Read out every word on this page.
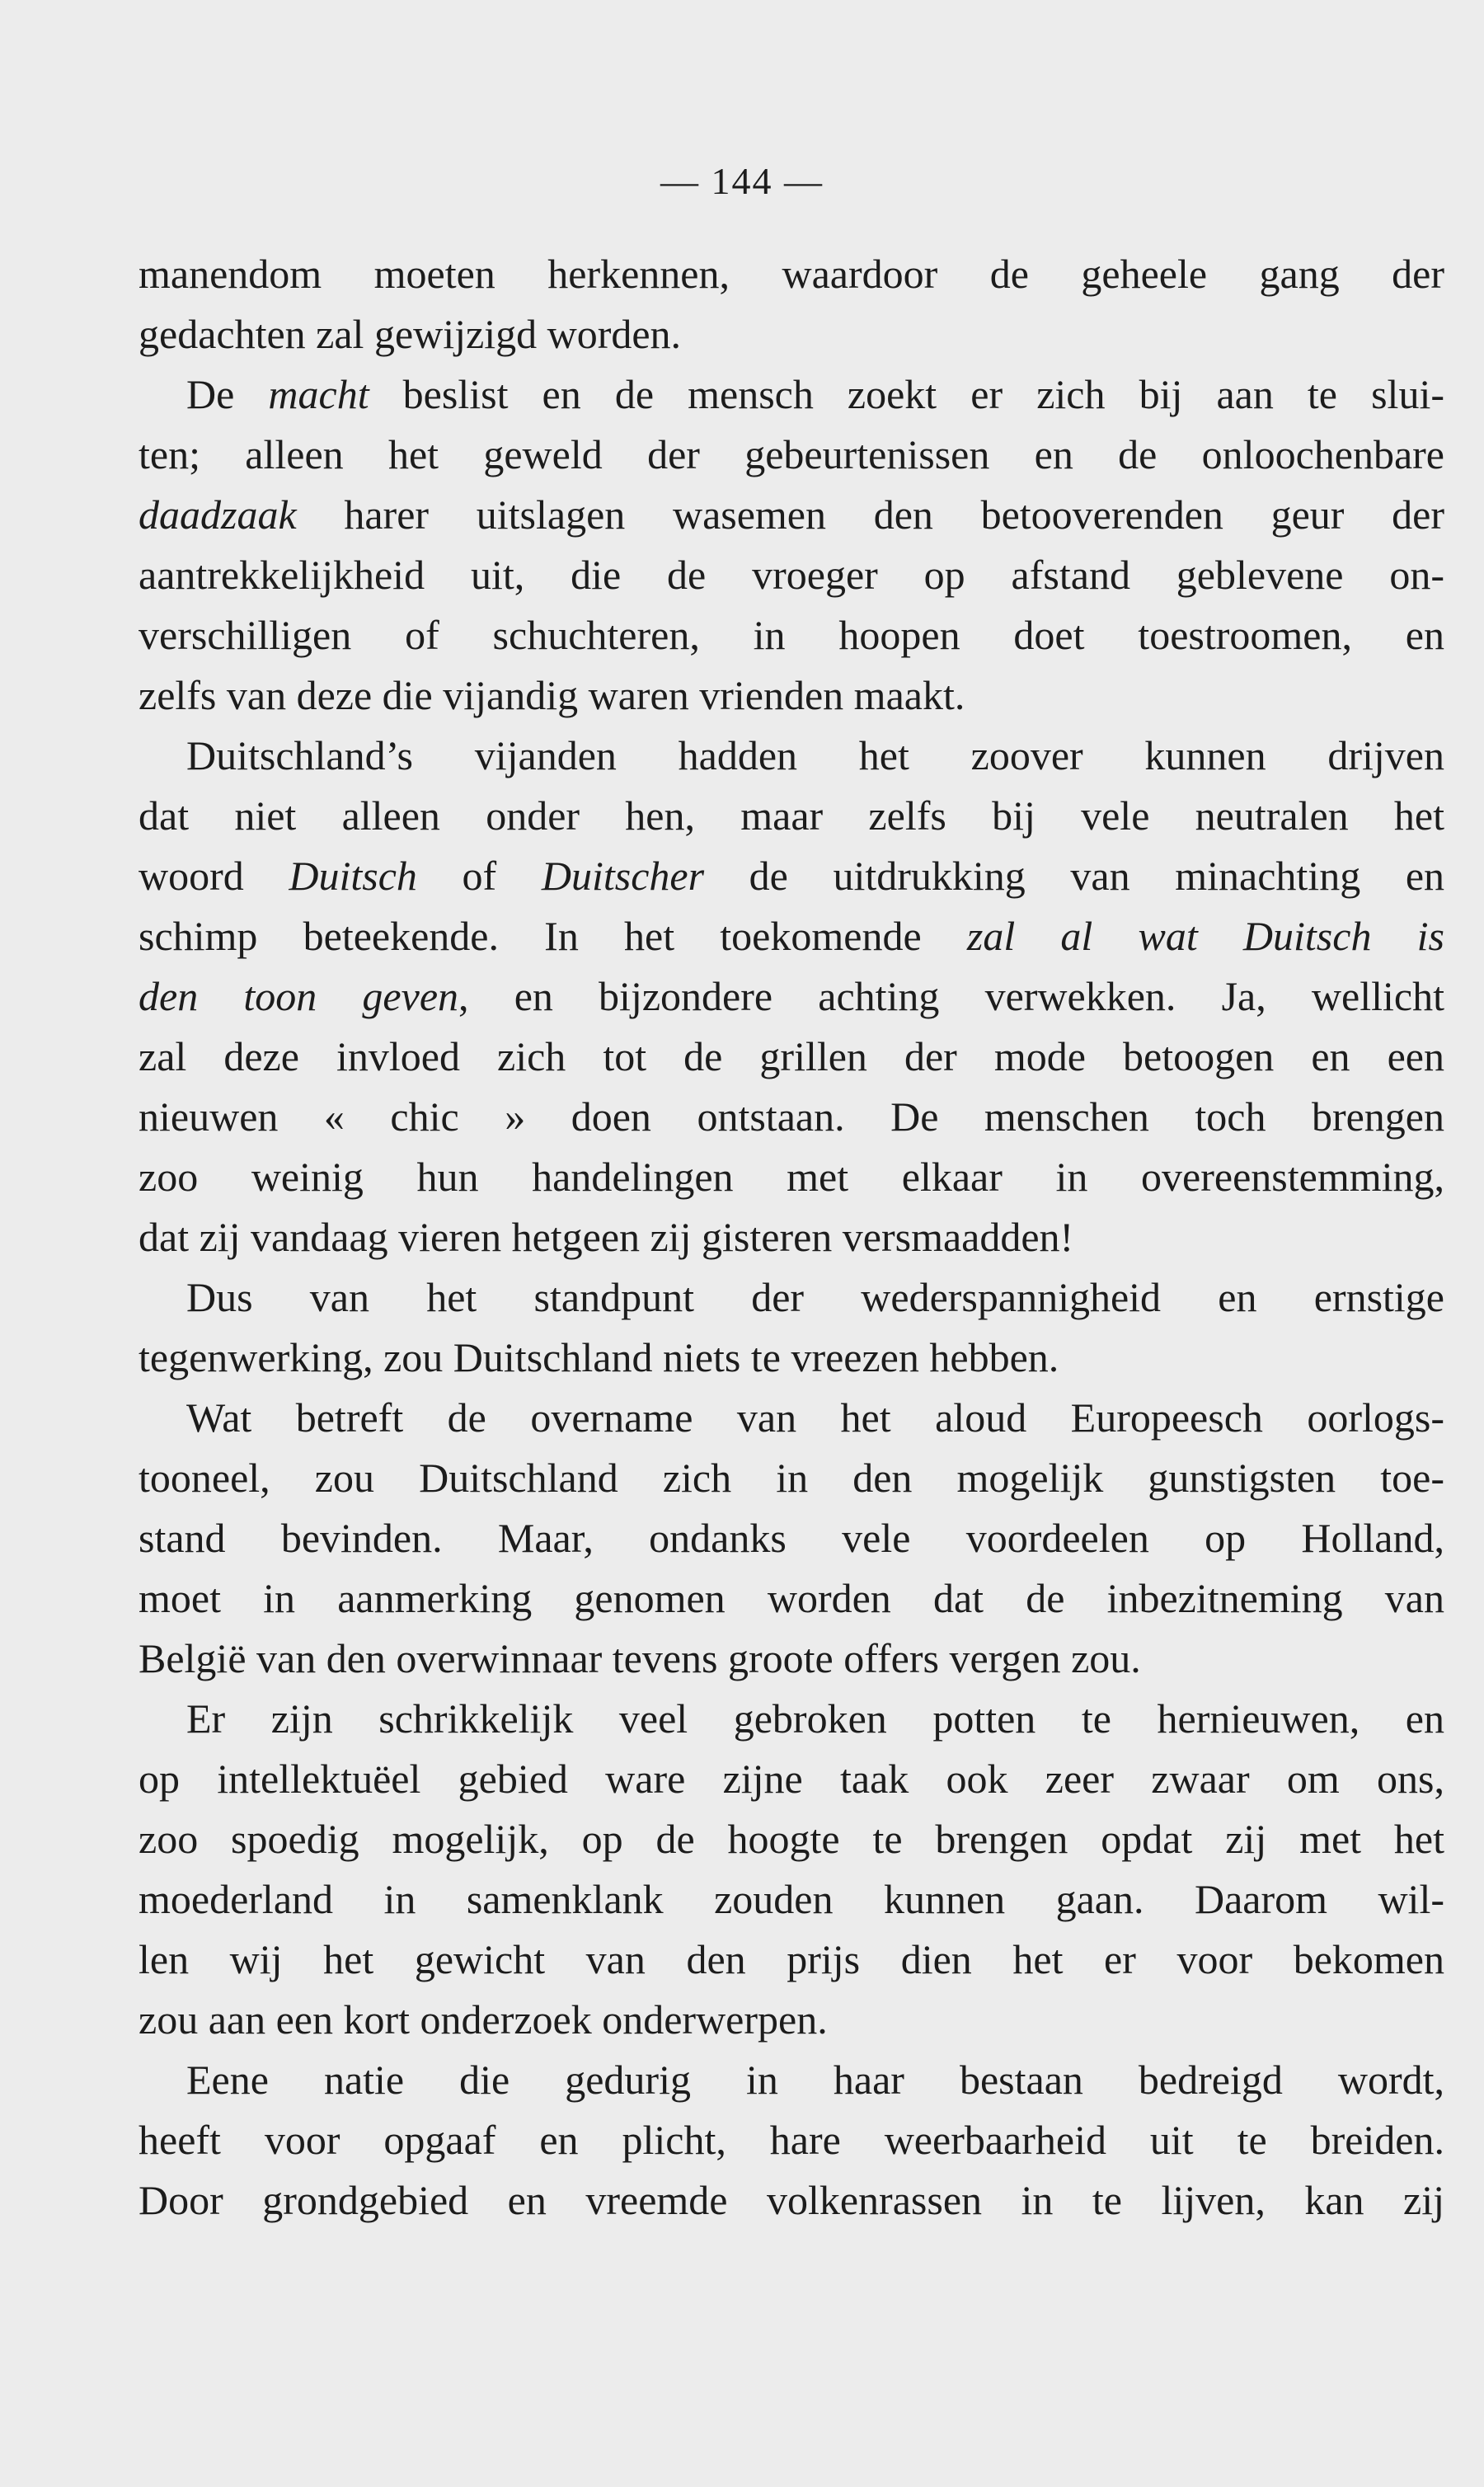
— 144 —
manendom moeten herkennen, waardoor de geheele gang der
gedachten zal gewijzigd worden.
De macht beslist en de mensch zoekt er zich bij aan te slui-
ten; alleen het geweld der gebeurtenissen en de onloochenbare
daadzaak harer uitslagen wasemen den betooverenden geur der
aantrekkelijkheid uit, die de vroeger op afstand geblevene on-
verschilligen of schuchteren, in hoopen doet toestroomen, en
zelfs van deze die vijandig waren vrienden maakt.
Duitschland’s vijanden hadden het zoover kunnen drijven
dat niet alleen onder hen, maar zelfs bij vele neutralen het
woord Duitsch of Duitscher de uitdrukking van minachting en
schimp beteekende. In het toekomende zal al wat Duitsch is
den toon geven, en bijzondere achting verwekken. Ja, wellicht
zal deze invloed zich tot de grillen der mode betoogen en een
nieuwen « chic » doen ontstaan. De menschen toch brengen
zoo weinig hun handelingen met elkaar in overeenstemming,
dat zij vandaag vieren hetgeen zij gisteren versmaadden!
Dus van het standpunt der wederspannigheid en ernstige
tegenwerking, zou Duitschland niets te vreezen hebben.
Wat betreft de overname van het aloud Europeesch oorlogs-
tooneel, zou Duitschland zich in den mogelijk gunstigsten toe-
stand bevinden. Maar, ondanks vele voordeelen op Holland,
moet in aanmerking genomen worden dat de inbezitneming van
België van den overwinnaar tevens groote offers vergen zou.
Er zijn schrikkelijk veel gebroken potten te hernieuwen, en
op intellektuëel gebied ware zijne taak ook zeer zwaar om ons,
zoo spoedig mogelijk, op de hoogte te brengen opdat zij met het
moederland in samenklank zouden kunnen gaan. Daarom wil-
len wij het gewicht van den prijs dien het er voor bekomen
zou aan een kort onderzoek onderwerpen.
Eene natie die gedurig in haar bestaan bedreigd wordt,
heeft voor opgaaf en plicht, hare weerbaarheid uit te breiden.
Door grondgebied en vreemde volkenrassen in te lijven, kan zij
